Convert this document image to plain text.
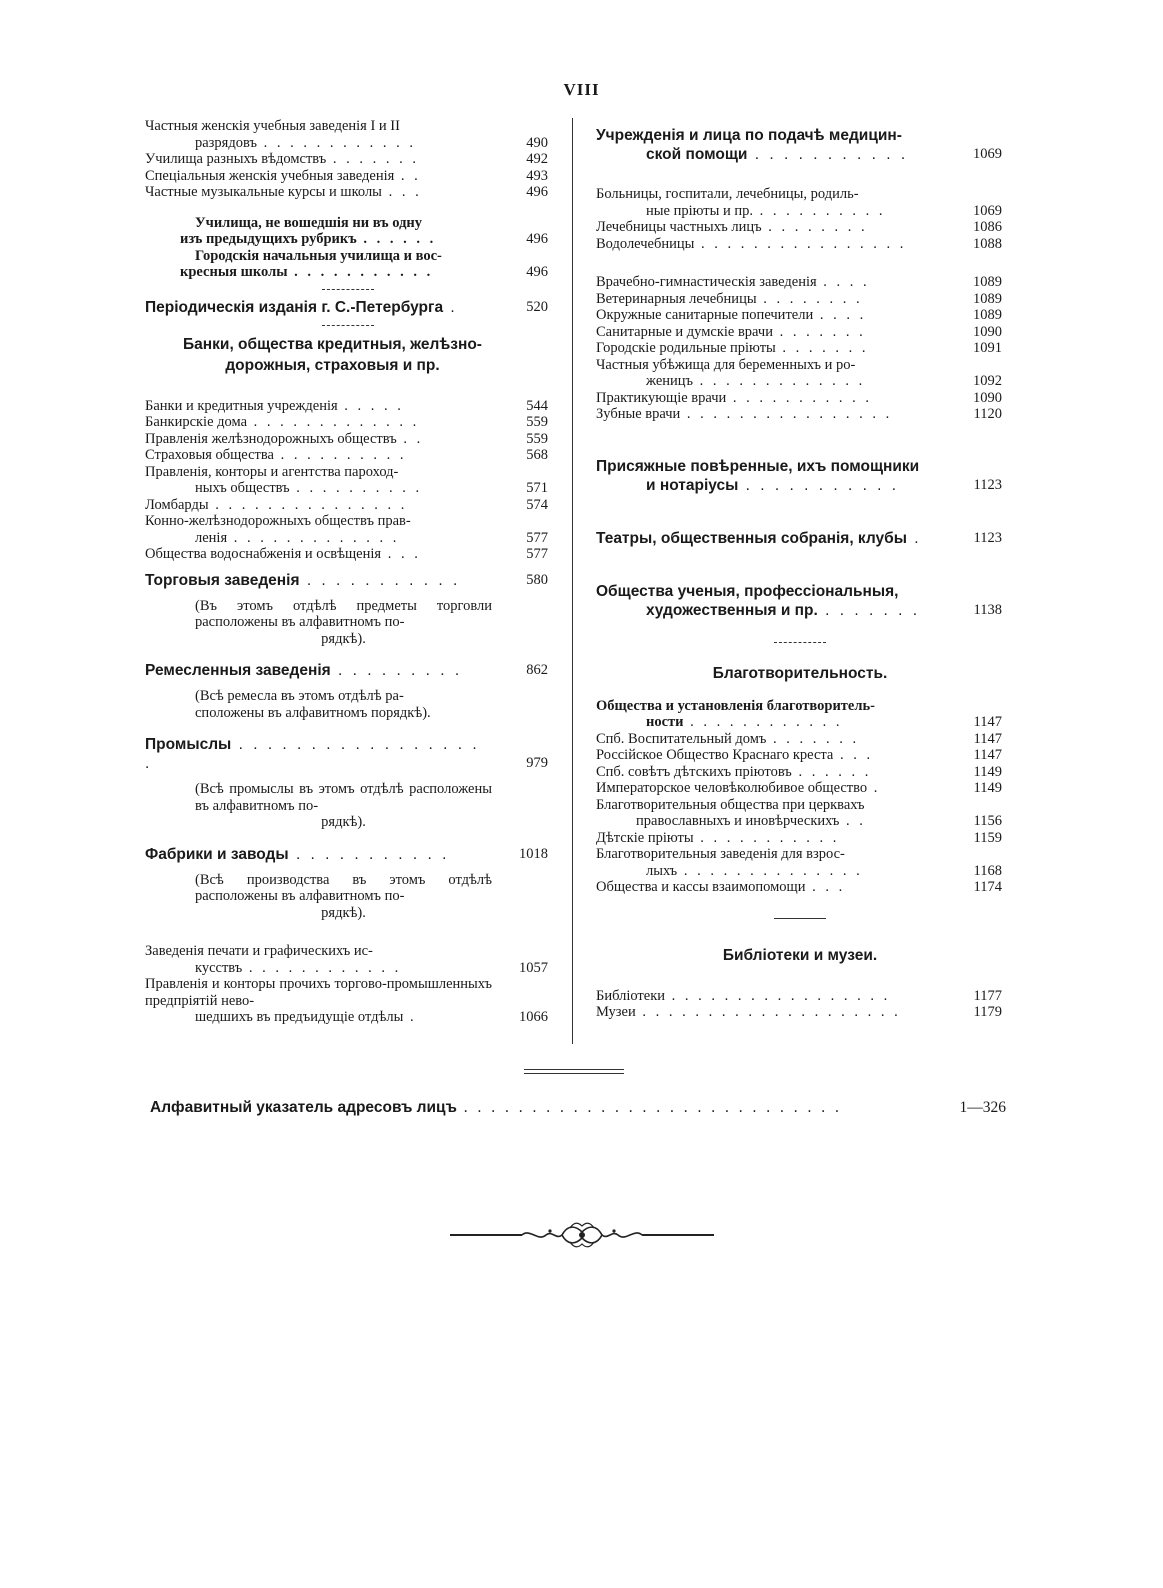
VIII
Частныя женскія учебныя заведенія I и II
разрядовъ . . . . . . . . . . . .	490
Училища разныхъ вѣдомствъ . . . . . . .	492
Спеціальныя женскія учебныя заведенія . .	493
Частные музыкальные курсы и школы . . .	496
Училища, не вошедшія ни въ одну
изъ предыдущихъ рубрикъ . . . . . .	496
Городскія начальныя училища и вос-
кресныя школы . . . . . . . . . . .	496
Періодическія изданія г. С.-Петербурга .	520
Банки, общества кредитныя, желѣзно-
дорожныя, страховыя и пр.
Банки и кредитныя учрежденія . . . . .	544
Банкирскіе дома . . . . . . . . . . . . .	559
Правленія желѣзнодорожныхъ обществъ . .	559
Страховыя общества . . . . . . . . . .	568
Правленія, конторы и агентства пароход-
ныхъ обществъ . . . . . . . . . .	571
Ломбарды . . . . . . . . . . . . . . .	574
Конно-желѣзнодорожныхъ обществъ прав-
ленія . . . . . . . . . . . . .	577
Общества водоснабженія и освѣщенія . . .	577
Торговыя заведенія . . . . . . . . . . .	580
(Въ этомъ отдѣлѣ предметы торговли расположены въ алфавитномъ по-
рядкѣ).
Ремесленныя заведенія . . . . . . . . .	862
(Всѣ ремесла въ этомъ отдѣлѣ ра-
сположены въ алфавитномъ порядкѣ).
Промыслы . . . . . . . . . . . . . . . . . .	979
(Всѣ промыслы въ этомъ отдѣлѣ расположены въ алфавитномъ по-
рядкѣ).
Фабрики и заводы . . . . . . . . . . .	1018
(Всѣ производства въ этомъ отдѣлѣ расположены въ алфавитномъ по-
рядкѣ).
Заведенія печати и графическихъ ис-
кусствъ . . . . . . . . . . . .	1057
Правленія и конторы прочихъ торгово-промышленныхъ предпріятій нево-
шедшихъ въ предъидущіе отдѣлы .	1066
Учрежденія и лица по подачѣ медицин-
ской помощи . . . . . . . . . . .	1069
Больницы, госпитали, лечебницы, родиль-
ные пріюты и пр. . . . . . . . . . .	1069
Лечебницы частныхъ лицъ . . . . . . . .	1086
Водолечебницы . . . . . . . . . . . . . . . .	1088
Врачебно-гимнастическія заведенія . . . .	1089
Ветеринарныя лечебницы . . . . . . . .	1089
Окружные санитарные попечители . . . .	1089
Санитарные и думскіе врачи . . . . . . .	1090
Городскіе родильные пріюты . . . . . . .	1091
Частныя убѣжища для беременныхъ и ро-
женицъ . . . . . . . . . . . . .	1092
Практикующіе врачи . . . . . . . . . . .	1090
Зубные врачи . . . . . . . . . . . . . . . .	1120
Присяжные повѣренные, ихъ помощники
и нотаріусы . . . . . . . . . . .	1123
Театры, общественныя собранія, клубы .	1123
Общества ученыя, профессіональныя,
художественныя и пр. . . . . . . .	1138
Благотворительность.
Общества и установленія благотворитель-
ности . . . . . . . . . . . .	1147
Спб. Воспитательный домъ . . . . . . .	1147
Россійское Общество Краснаго креста . . .	1147
Спб. совѣтъ дѣтскихъ пріютовъ . . . . . .	1149
Императорское человѣколюбивое общество .	1149
Благотворительныя общества при церквахъ
православныхъ и иновѣрческихъ . .	1156
Дѣтскіе пріюты . . . . . . . . . . .	1159
Благотворительныя заведенія для взрос-
лыхъ . . . . . . . . . . . . . .	1168
Общества и кассы взаимопомощи . . .	1174
Библіотеки и музеи.
Библіотеки . . . . . . . . . . . . . . . . .	1177
Музеи . . . . . . . . . . . . . . . . . . . .	1179
Алфавитный указатель адресовъ лицъ . . . . . . . . . . . . . . . . . . . . . . . . . . . .	1—326
